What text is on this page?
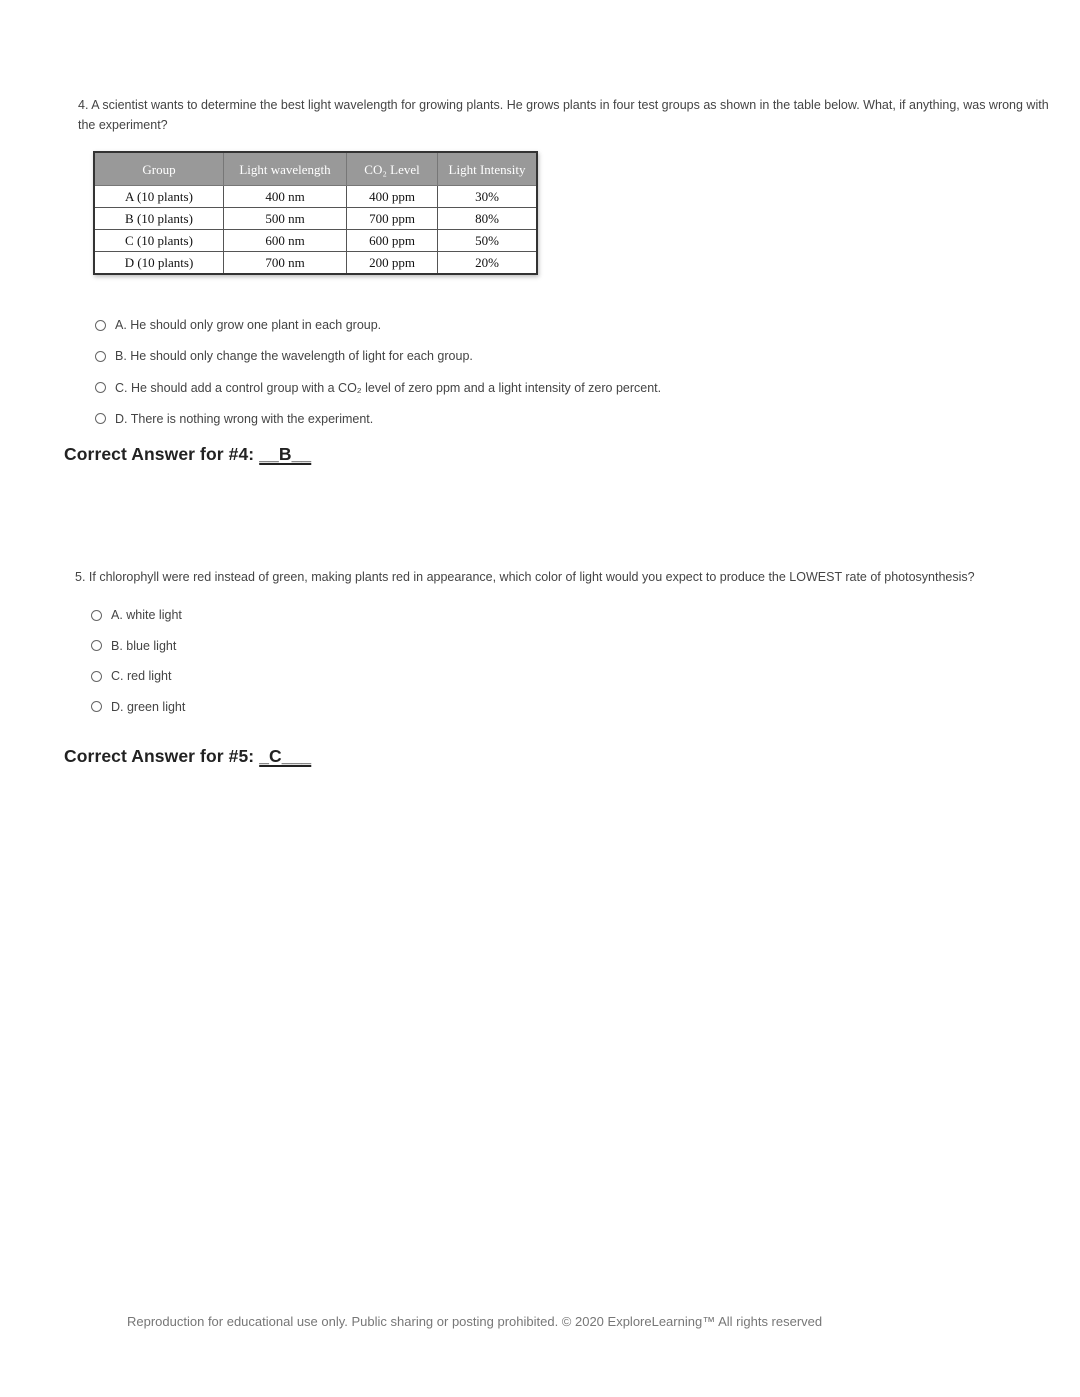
4. A scientist wants to determine the best light wavelength for growing plants. He grows plants in four test groups as shown in the table below. What, if anything, was wrong with the experiment?
Group	Light wavelength	CO₂ Level	Light Intensity
A (10 plants)	400 nm	400 ppm	30%
B (10 plants)	500 nm	700 ppm	80%
C (10 plants)	600 nm	600 ppm	50%
D (10 plants)	700 nm	200 ppm	20%
A. He should only grow one plant in each group.
B. He should only change the wavelength of light for each group.
C. He should add a control group with a CO₂ level of zero ppm and a light intensity of zero percent.
D. There is nothing wrong with the experiment.
Correct Answer for #4: __B__
5. If chlorophyll were red instead of green, making plants red in appearance, which color of light would you expect to produce the LOWEST rate of photosynthesis?
A. white light
B. blue light
C. red light
D. green light
Correct Answer for #5: _C___
Reproduction for educational use only. Public sharing or posting prohibited. © 2020 ExploreLearning™ All rights reserved
